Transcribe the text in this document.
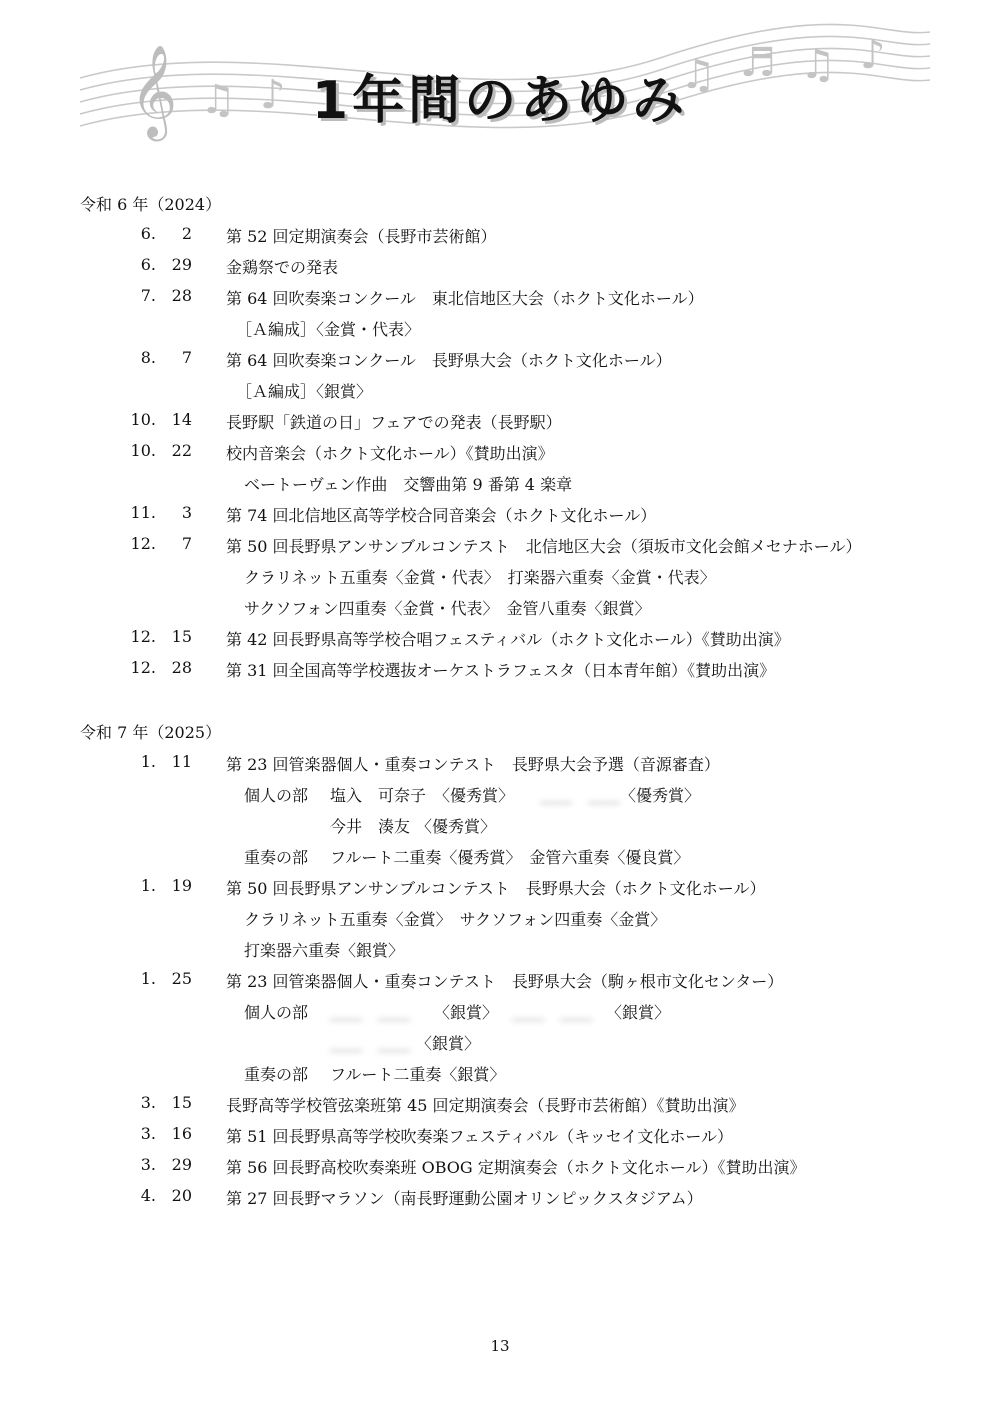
𝄞 ♫ ♪	♫ ♬ ♫ ♪
1年間のあゆみ
令和 6 年（2024）
6. 2 第 52 回定期演奏会（長野市芸術館）
6. 29 金鶏祭での発表
7. 28 第 64 回吹奏楽コンクール　東北信地区大会（ホクト文化ホール）
［Ａ編成］〈金賞・代表〉
8. 7 第 64 回吹奏楽コンクール　長野県大会（ホクト文化ホール）
［Ａ編成］〈銀賞〉
10. 14 長野駅「鉄道の日」フェアでの発表（長野駅）
10. 22 校内音楽会（ホクト文化ホール）《賛助出演》
ベートーヴェン作曲　交響曲第 9 番第 4 楽章
11. 3 第 74 回北信地区高等学校合同音楽会（ホクト文化ホール）
12. 7 第 50 回長野県アンサンブルコンテスト　北信地区大会（須坂市文化会館メセナホール）
クラリネット五重奏〈金賞・代表〉　打楽器六重奏〈金賞・代表〉
サクソフォン四重奏〈金賞・代表〉　金管八重奏〈銀賞〉
12. 15 第 42 回長野県高等学校合唱フェスティバル（ホクト文化ホール）《賛助出演》
12. 28 第 31 回全国高等学校選抜オーケストラフェスタ（日本青年館）《賛助出演》
令和 7 年（2025）
1. 11 第 23 回管楽器個人・重奏コンテスト　長野県大会予選（音源審査）
個人の部 塩入　可奈子 〈優秀賞〉 ＿＿　＿＿ 〈優秀賞〉
今井　湊友 〈優秀賞〉
重奏の部 フルート二重奏〈優秀賞〉　金管六重奏〈優良賞〉
1. 19 第 50 回長野県アンサンブルコンテスト　長野県大会（ホクト文化ホール）
クラリネット五重奏〈金賞〉　サクソフォン四重奏〈金賞〉
打楽器六重奏〈銀賞〉
1. 25 第 23 回管楽器個人・重奏コンテスト　長野県大会（駒ヶ根市文化センター）
個人の部 ＿＿　＿＿ 〈銀賞〉 ＿＿　＿＿ 〈銀賞〉
＿＿　＿＿ 〈銀賞〉
重奏の部 フルート二重奏〈銀賞〉
3. 15 長野高等学校管弦楽班第 45 回定期演奏会（長野市芸術館）《賛助出演》
3. 16 第 51 回長野県高等学校吹奏楽フェスティバル（キッセイ文化ホール）
3. 29 第 56 回長野高校吹奏楽班 OBOG 定期演奏会（ホクト文化ホール）《賛助出演》
4. 20 第 27 回長野マラソン（南長野運動公園オリンピックスタジアム）
13
